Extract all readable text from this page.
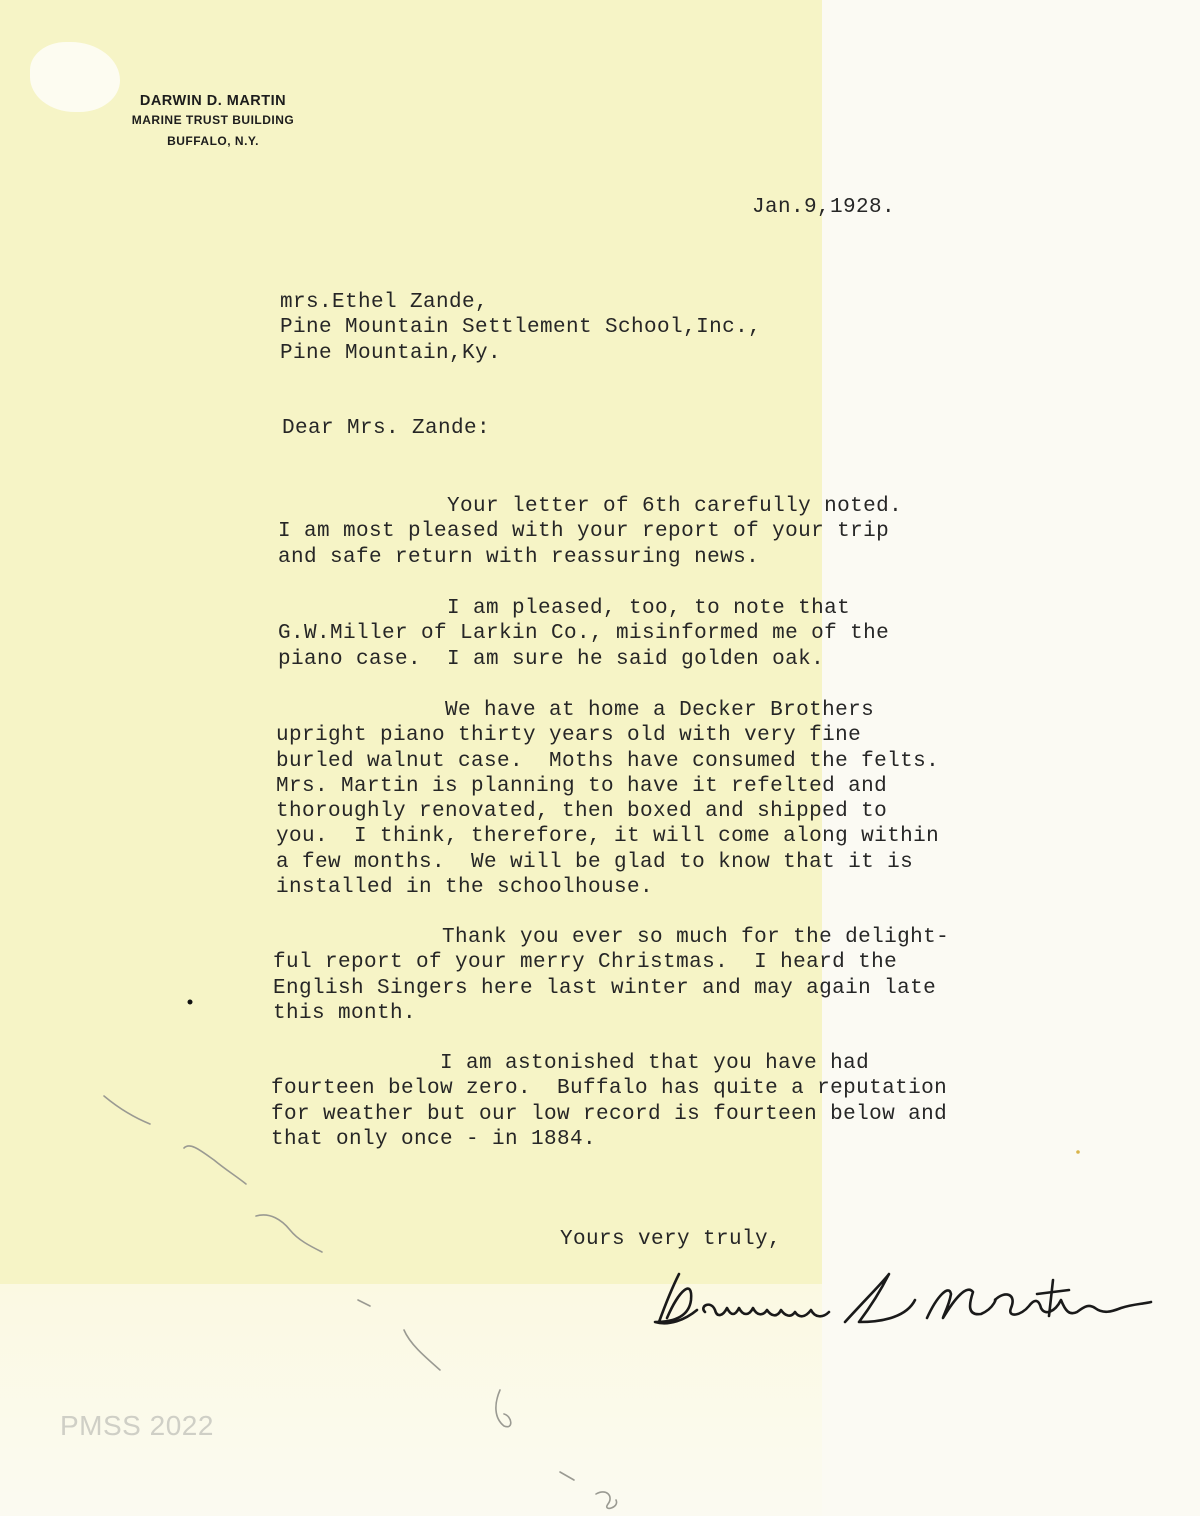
DARWIN D. MARTIN
MARINE TRUST BUILDING
BUFFALO, N.Y.
Jan.9,1928.
mrs.Ethel Zande,
Pine Mountain Settlement School,Inc.,
Pine Mountain,Ky.
Dear Mrs. Zande:
Your letter of 6th carefully noted.
I am most pleased with your report of your trip
and safe return with reassuring news.
I am pleased, too, to note that
G.W.Miller of Larkin Co., misinformed me of the
piano case.  I am sure he said golden oak.
We have at home a Decker Brothers
upright piano thirty years old with very fine
burled walnut case.  Moths have consumed the felts.
Mrs. Martin is planning to have it refelted and
thoroughly renovated, then boxed and shipped to
you.  I think, therefore, it will come along within
a few months.  We will be glad to know that it is
installed in the schoolhouse.
Thank you ever so much for the delight-
ful report of your merry Christmas.  I heard the
English Singers here last winter and may again late
this month.
I am astonished that you have had
fourteen below zero.  Buffalo has quite a reputation
for weather but our low record is fourteen below and
that only once - in 1884.
Yours very truly,
PMSS 2022
